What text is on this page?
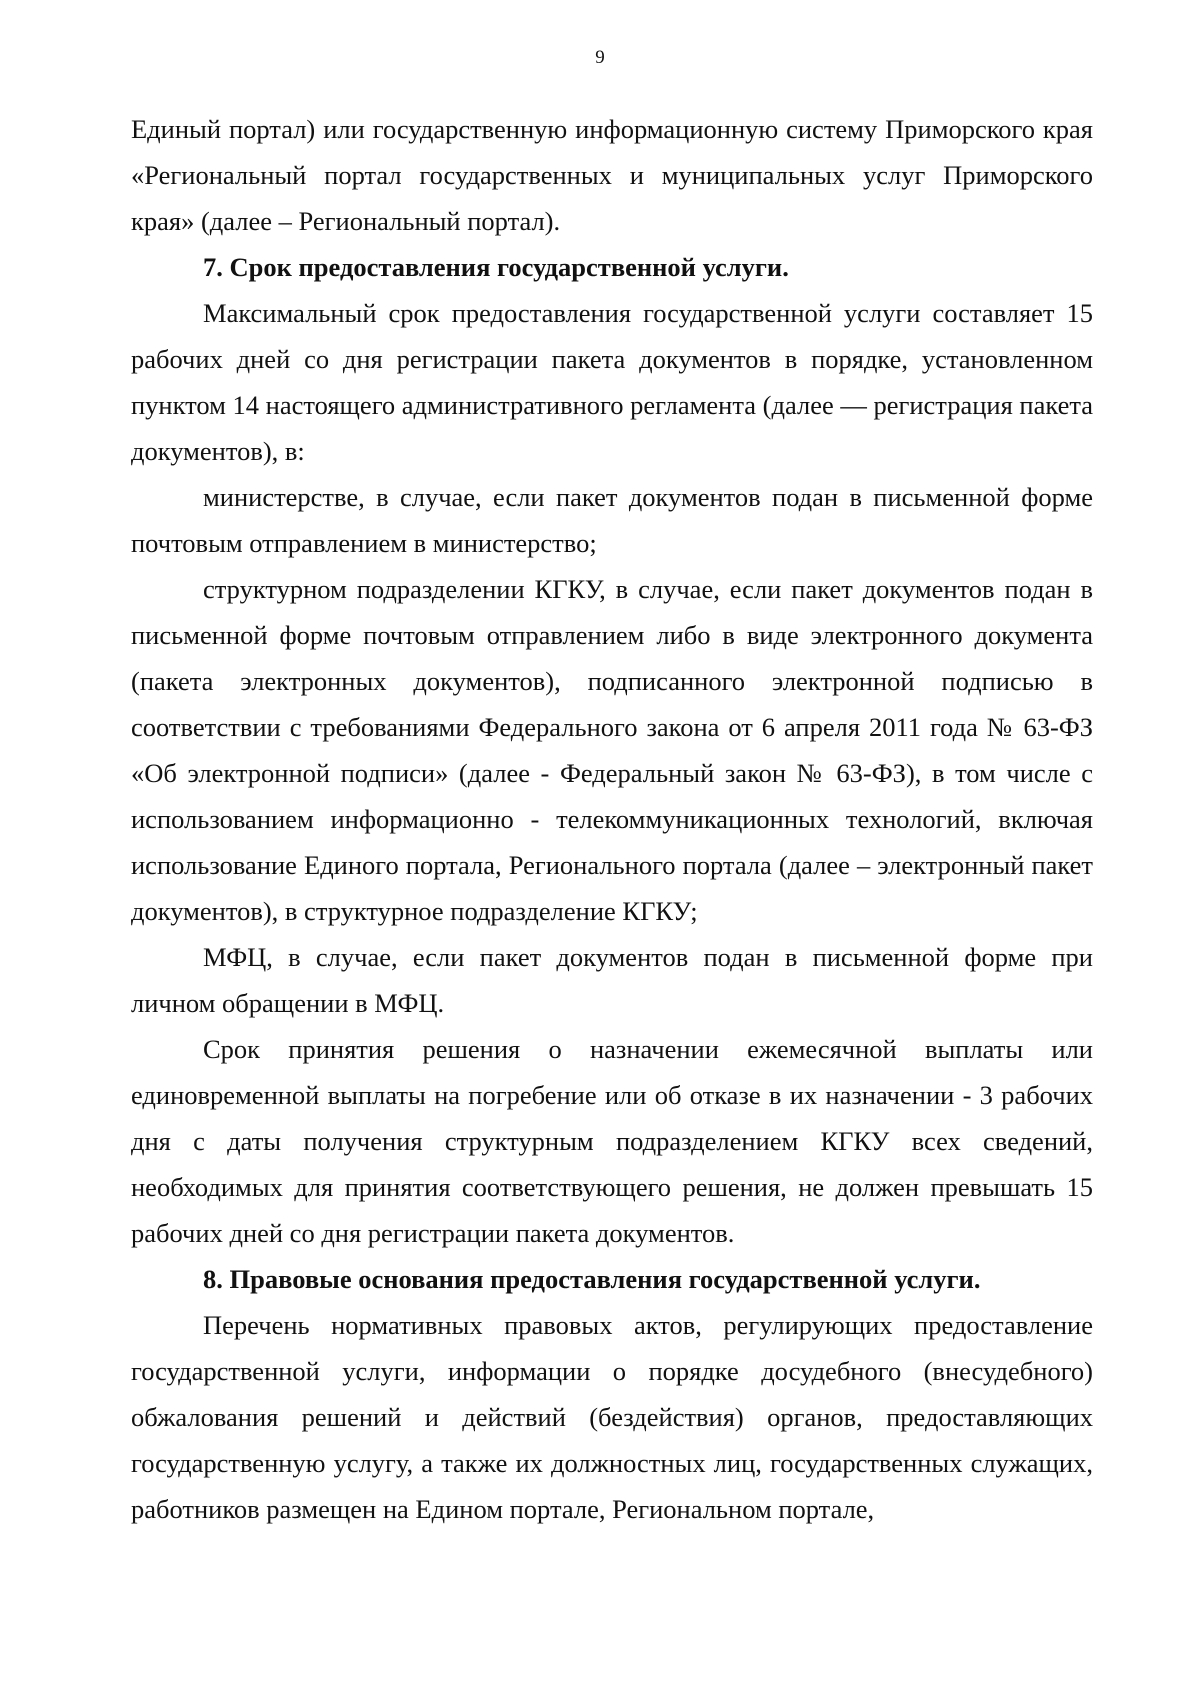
9

Единый портал) или государственную информационную систему Приморского края «Региональный портал государственных и муниципальных услуг Приморского края» (далее – Региональный портал).

7. Срок предоставления государственной услуги.

Максимальный срок предоставления государственной услуги составляет 15 рабочих дней со дня регистрации пакета документов в порядке, установленном пунктом 14 настоящего административного регламента (далее — регистрация пакета документов), в:

министерстве, в случае, если пакет документов подан в письменной форме почтовым отправлением в министерство;

структурном подразделении КГКУ, в случае, если пакет документов подан в письменной форме почтовым отправлением либо в виде электронного документа (пакета электронных документов), подписанного электронной подписью в соответствии с требованиями Федерального закона от 6 апреля 2011 года № 63-ФЗ «Об электронной подписи» (далее - Федеральный закон № 63-ФЗ), в том числе с использованием информационно - телекоммуникационных технологий, включая использование Единого портала, Регионального портала (далее – электронный пакет документов), в структурное подразделение КГКУ;

МФЦ, в случае, если пакет документов подан в письменной форме при личном обращении в МФЦ.

Срок принятия решения о назначении ежемесячной выплаты или единовременной выплаты на погребение или об отказе в их назначении - 3 рабочих дня с даты получения структурным подразделением КГКУ всех сведений, необходимых для принятия соответствующего решения, не должен превышать 15 рабочих дней со дня регистрации пакета документов.

8. Правовые основания предоставления государственной услуги.

Перечень нормативных правовых актов, регулирующих предоставление государственной услуги, информации о порядке досудебного (внесудебного) обжалования решений и действий (бездействия) органов, предоставляющих государственную услугу, а также их должностных лиц, государственных служащих, работников размещен на Едином портале, Региональном портале,
